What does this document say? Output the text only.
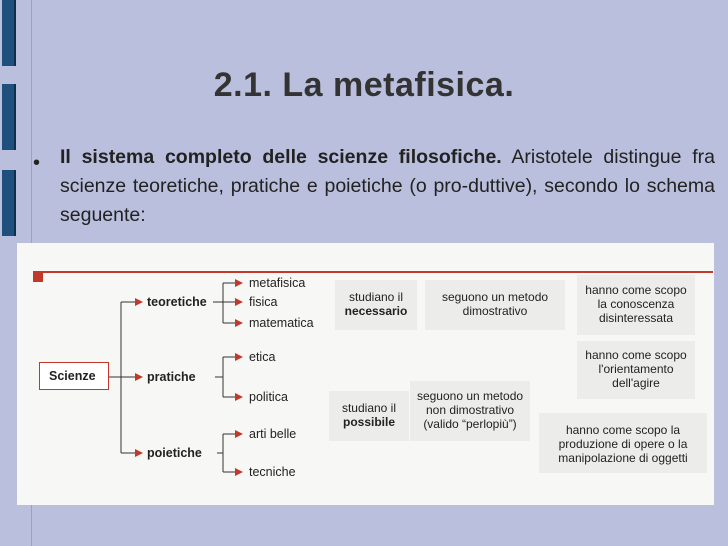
2.1. La metafisica.
• Il sistema completo delle scienze filosofiche. Aristotele distingue fra scienze teoretiche, pratiche e poietiche (o pro-duttive), secondo lo schema seguente:
Scienze
teoretiche
pratiche
poietiche
metafisica
fisica
matematica
etica
politica
arti belle
tecniche
studiano il
necessario
seguono un metodo
dimostrativo
hanno come scopo
la conoscenza
disinteressata
hanno come scopo
l'orientamento
dell'agire
studiano il
possibile
seguono un metodo
non dimostrativo
(valido “perlopiù”)	hanno come scopo la
produzione di opere o la
manipolazione di oggetti
